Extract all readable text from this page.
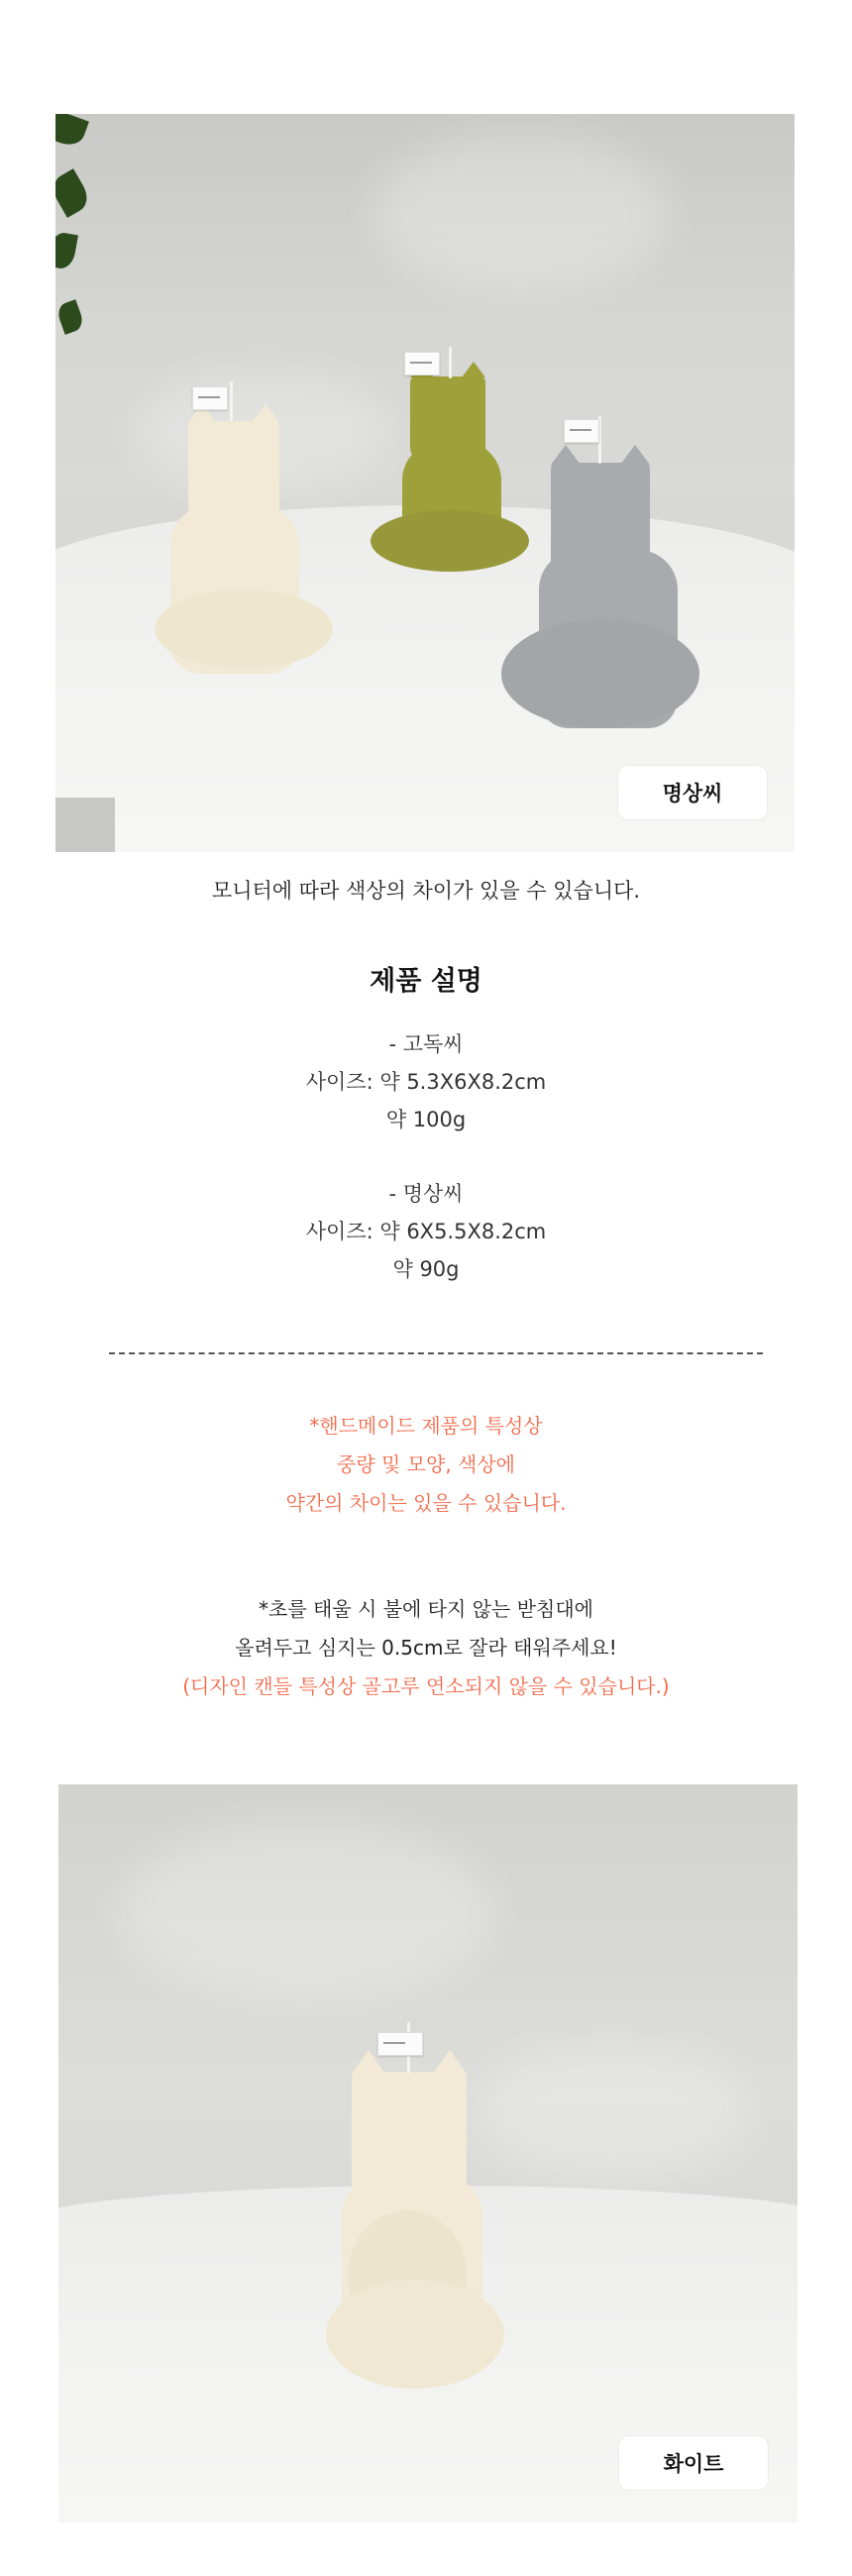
명상씨
모니터에 따라 색상의 차이가 있을 수 있습니다.
제품 설명
- 고독씨
사이즈: 약 5.3X6X8.2cm
약 100g
- 명상씨
사이즈: 약 6X5.5X8.2cm
약 90g
*핸드메이드 제품의 특성상
중량 및 모양, 색상에
약간의 차이는 있을 수 있습니다.
*초를 태울 시 불에 타지 않는 받침대에
올려두고 심지는 0.5cm로 잘라 태워주세요!
(디자인 캔들 특성상 골고루 연소되지 않을 수 있습니다.)
화이트
